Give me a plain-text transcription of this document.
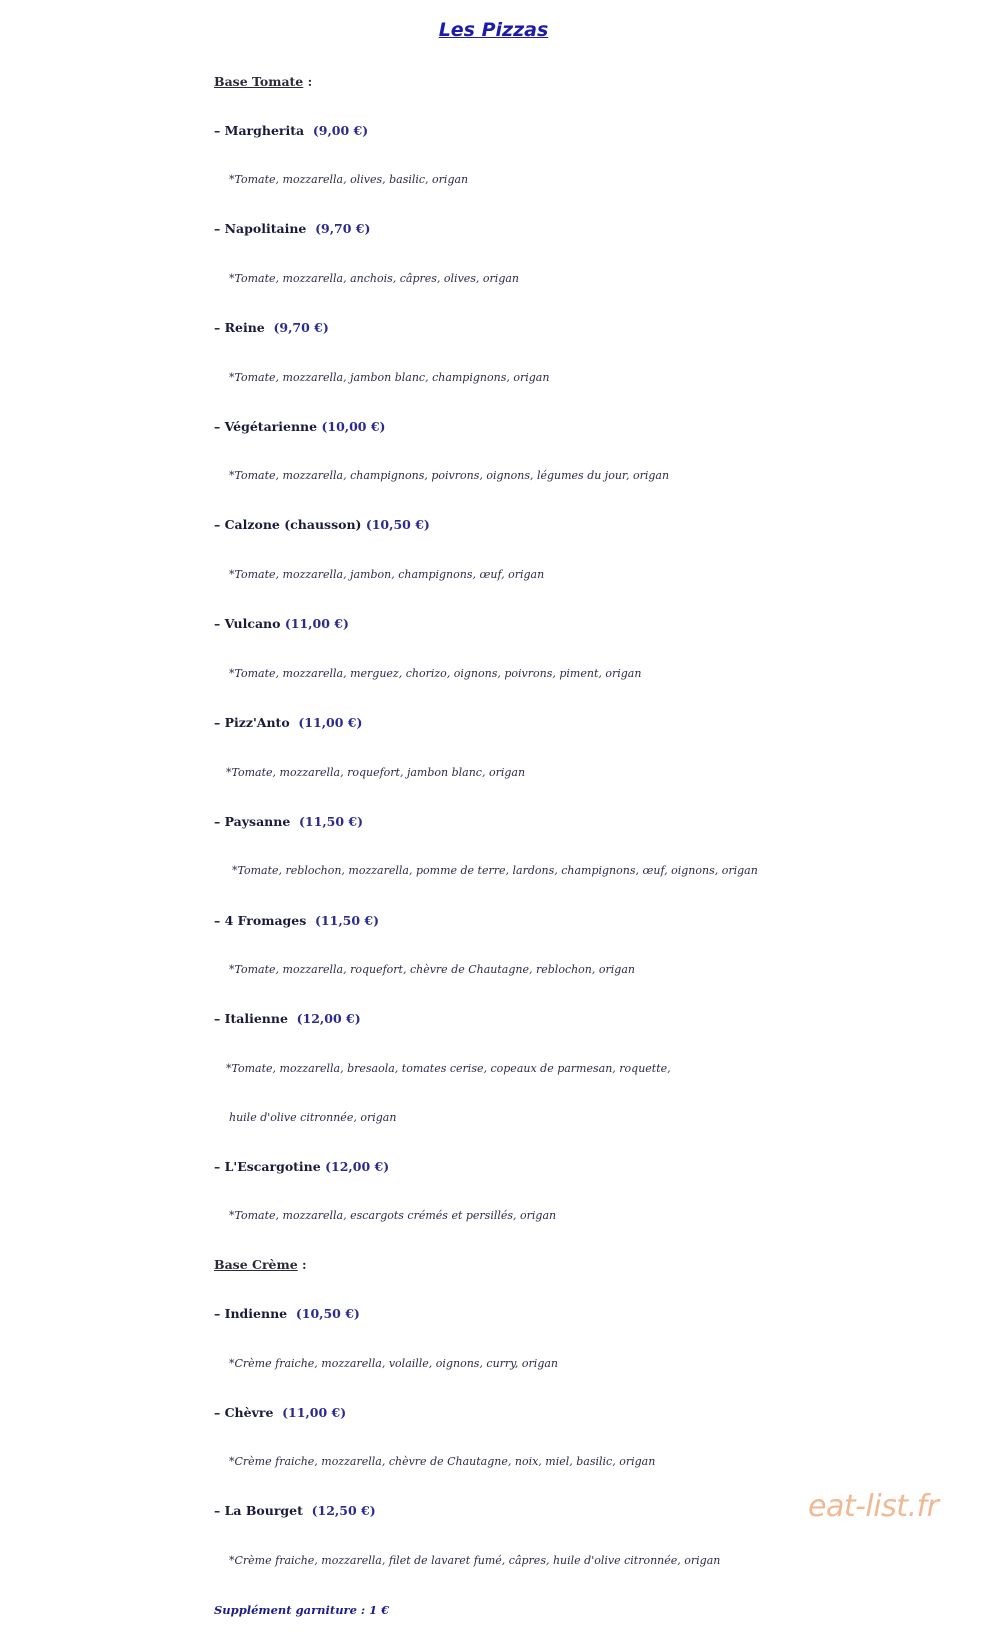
Les Pizzas
Base Tomate :
– Margherita (9,00 €)
*Tomate, mozzarella, olives, basilic, origan
– Napolitaine (9,70 €)
*Tomate, mozzarella, anchois, câpres, olives, origan
– Reine (9,70 €)
*Tomate, mozzarella, jambon blanc, champignons, origan
– Végétarienne (10,00 €)
*Tomate, mozzarella, champignons, poivrons, oignons, légumes du jour, origan
– Calzone (chausson) (10,50 €)
*Tomate, mozzarella, jambon, champignons, œuf, origan
– Vulcano (11,00 €)
*Tomate, mozzarella, merguez, chorizo, oignons, poivrons, piment, origan
– Pizz'Anto (11,00 €)
*Tomate, mozzarella, roquefort, jambon blanc, origan
– Paysanne (11,50 €)
*Tomate, reblochon, mozzarella, pomme de terre, lardons, champignons, œuf, oignons, origan
– 4 Fromages (11,50 €)
*Tomate, mozzarella, roquefort, chèvre de Chautagne, reblochon, origan
– Italienne (12,00 €)
*Tomate, mozzarella, bresaola, tomates cerise, copeaux de parmesan, roquette,
huile d'olive citronnée, origan
– L'Escargotine (12,00 €)
*Tomate, mozzarella, escargots crémés et persillés, origan
Base Crème :
– Indienne (10,50 €)
*Crème fraiche, mozzarella, volaille, oignons, curry, origan
– Chèvre (11,00 €)
*Crème fraiche, mozzarella, chèvre de Chautagne, noix, miel, basilic, origan
– La Bourget (12,50 €)
*Crème fraiche, mozzarella, filet de lavaret fumé, câpres, huile d'olive citronnée, origan
Supplément garniture : 1 €
eat-list.fr
